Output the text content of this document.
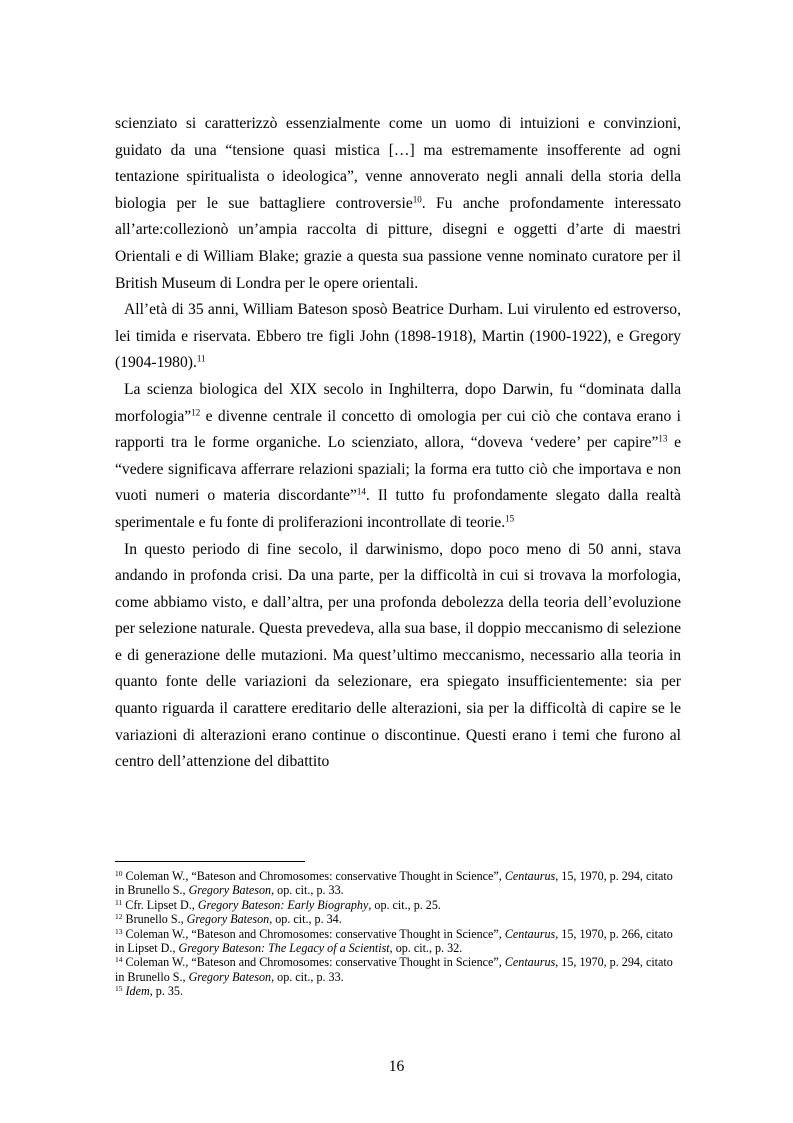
scienziato si caratterizzò essenzialmente come un uomo di intuizioni e convinzioni, guidato da una “tensione quasi mistica […] ma estremamente insofferente ad ogni tentazione spiritualista o ideologica”, venne annoverato negli annali della storia della biologia per le sue battagliere controversie$^{10}$. Fu anche profondamente interessato all’arte:collezionò un’ampia raccolta di pitture, disegni e oggetti d’arte di maestri Orientali e di William Blake; grazie a questa sua passione venne nominato curatore per il British Museum di Londra per le opere orientali.

All’età di 35 anni, William Bateson sposò Beatrice Durham. Lui virulento ed estroverso, lei timida e riservata. Ebbero tre figli John (1898-1918), Martin (1900-1922), e Gregory (1904-1980).$^{11}$

La scienza biologica del XIX secolo in Inghilterra, dopo Darwin, fu “dominata dalla morfologia”$^{12}$ e divenne centrale il concetto di omologia per cui ciò che contava erano i rapporti tra le forme organiche. Lo scienziato, allora, “doveva ‘vedere’ per capire”$^{13}$ e “vedere significava afferrare relazioni spaziali; la forma era tutto ciò che importava e non vuoti numeri o materia discordante”$^{14}$. Il tutto fu profondamente slegato dalla realtà sperimentale e fu fonte di proliferazioni incontrollate di teorie.$^{15}$

In questo periodo di fine secolo, il darwinismo, dopo poco meno di 50 anni, stava andando in profonda crisi. Da una parte, per la difficoltà in cui si trovava la morfologia, come abbiamo visto, e dall’altra, per una profonda debolezza della teoria dell’evoluzione per selezione naturale. Questa prevedeva, alla sua base, il doppio meccanismo di selezione e di generazione delle mutazioni. Ma quest’ultimo meccanismo, necessario alla teoria in quanto fonte delle variazioni da selezionare, era spiegato insufficientemente: sia per quanto riguarda il carattere ereditario delle alterazioni, sia per la difficoltà di capire se le variazioni di alterazioni erano continue o discontinue. Questi erano i temi che furono al centro dell’attenzione del dibattito

$^{10}$ Coleman W., “Bateson and Chromosomes: conservative Thought in Science”, Centaurus, 15, 1970, p. 294, citato in Brunello S., Gregory Bateson, op. cit., p. 33.

$^{11}$ Cfr. Lipset D., Gregory Bateson: Early Biography, op. cit., p. 25.

$^{12}$ Brunello S., Gregory Bateson, op. cit., p. 34.

$^{13}$ Coleman W., “Bateson and Chromosomes: conservative Thought in Science”, Centaurus, 15, 1970, p. 266, citato in Lipset D., Gregory Bateson: The Legacy of a Scientist, op. cit., p. 32.

$^{14}$ Coleman W., “Bateson and Chromosomes: conservative Thought in Science”, Centaurus, 15, 1970, p. 294, citato in Brunello S., Gregory Bateson, op. cit., p. 33.

$^{15}$ Idem, p. 35.

16
